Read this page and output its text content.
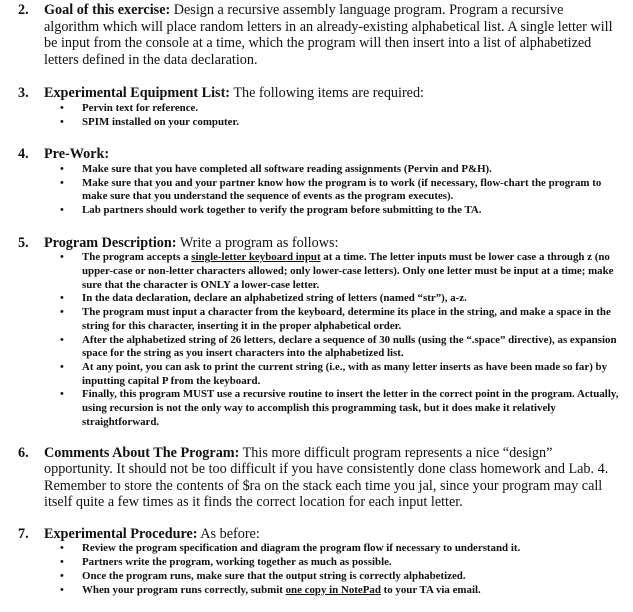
2.	Goal of this exercise: Design a recursive assembly language program. Program a recursive algorithm which will place random letters in an already-existing alphabetical list. A single letter will be input from the console at a time, which the program will then insert into a list of alphabetized letters defined in the data declaration.

3.	Experimental Equipment List: The following items are required:

• Pervin text for reference.
• SPIM installed on your computer.
4.	Pre-Work:

• Make sure that you have completed all software reading assignments (Pervin and P&H).
• Make sure that you and your partner know how the program is to work (if necessary, flow-chart the program to make sure that you understand the sequence of events as the program executes).
• Lab partners should work together to verify the program before submitting to the TA.
5.	Program Description: Write a program as follows:

• The program accepts a single-letter keyboard input at a time. The letter inputs must be lower case a through z (no upper-case or non-letter characters allowed; only lower-case letters). Only one letter must be input at a time; make sure that the character is ONLY a lower-case letter.
• In the data declaration, declare an alphabetized string of letters (named “str”), a-z.
• The program must input a character from the keyboard, determine its place in the string, and make a space in the string for this character, inserting it in the proper alphabetical order.
• After the alphabetized string of 26 letters, declare a sequence of 30 nulls (using the “.space” directive), as expansion space for the string as you insert characters into the alphabetized list.
• At any point, you can ask to print the current string (i.e., with as many letter inserts as have been made so far) by inputting capital P from the keyboard.
• Finally, this program MUST use a recursive routine to insert the letter in the correct point in the program. Actually, using recursion is not the only way to accomplish this programming task, but it does make it relatively straightforward.
6.	Comments About The Program: This more difficult program represents a nice “design” opportunity. It should not be too difficult if you have consistently done class homework and Lab. 4. Remember to store the contents of $ra on the stack each time you jal, since your program may call itself quite a few times as it finds the correct location for each input letter.

7.	Experimental Procedure: As before:

• Review the program specification and diagram the program flow if necessary to understand it.
• Partners write the program, working together as much as possible.
• Once the program runs, make sure that the output string is correctly alphabetized.
• When your program runs correctly, submit one copy in NotePad to your TA via email.
